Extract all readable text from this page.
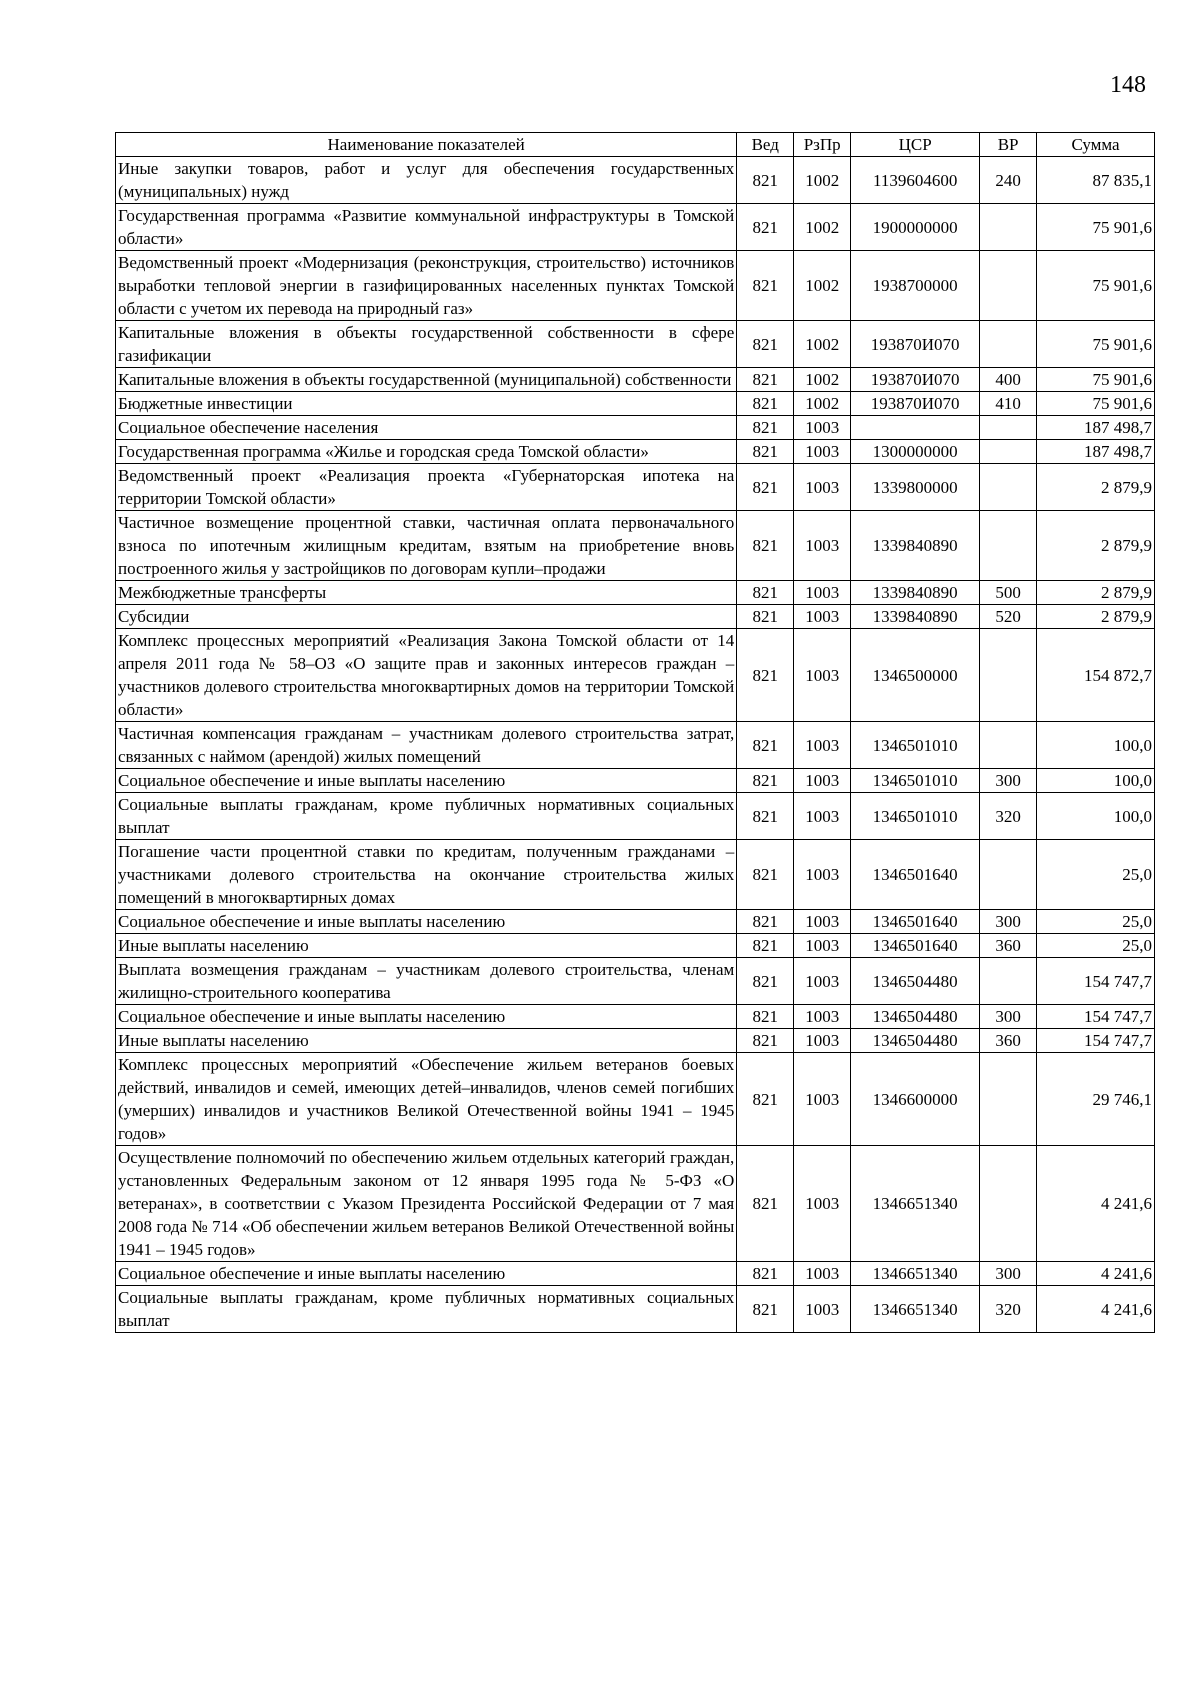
148
Наименование показателей	Вед	РзПр	ЦСР	ВР	Сумма
Иные закупки товаров, работ и услуг для обеспечения государственных (муниципальных) нужд	821	1002	1139604600	240	87 835,1
Государственная программа «Развитие коммунальной инфраструктуры в Томской области»	821	1002	1900000000		75 901,6
Ведомственный проект «Модернизация (реконструкция, строительство) источников выработки тепловой энергии в газифицированных населенных пунктах Томской области с учетом их перевода на природный газ»	821	1002	1938700000		75 901,6
Капитальные вложения в объекты государственной собственности в сфере газификации	821	1002	193870И070		75 901,6
Капитальные вложения в объекты государственной (муниципальной) собственности	821	1002	193870И070	400	75 901,6
Бюджетные инвестиции	821	1002	193870И070	410	75 901,6
Социальное обеспечение населения	821	1003			187 498,7
Государственная программа «Жилье и городская среда Томской области»	821	1003	1300000000		187 498,7
Ведомственный проект «Реализация проекта «Губернаторская ипотека на территории Томской области»	821	1003	1339800000		2 879,9
Частичное возмещение процентной ставки, частичная оплата первоначального взноса по ипотечным жилищным кредитам, взятым на приобретение вновь построенного жилья у застройщиков по договорам купли–продажи	821	1003	1339840890		2 879,9
Межбюджетные трансферты	821	1003	1339840890	500	2 879,9
Субсидии	821	1003	1339840890	520	2 879,9
Комплекс процессных мероприятий «Реализация Закона Томской области от 14 апреля 2011 года № 58–ОЗ «О защите прав и законных интересов граждан – участников долевого строительства многоквартирных домов на территории Томской области»	821	1003	1346500000		154 872,7
Частичная компенсация гражданам – участникам долевого строительства затрат, связанных с наймом (арендой) жилых помещений	821	1003	1346501010		100,0
Социальное обеспечение и иные выплаты населению	821	1003	1346501010	300	100,0
Социальные выплаты гражданам, кроме публичных нормативных социальных выплат	821	1003	1346501010	320	100,0
Погашение части процентной ставки по кредитам, полученным гражданами – участниками долевого строительства на окончание строительства жилых помещений в многоквартирных домах	821	1003	1346501640		25,0
Социальное обеспечение и иные выплаты населению	821	1003	1346501640	300	25,0
Иные выплаты населению	821	1003	1346501640	360	25,0
Выплата возмещения гражданам – участникам долевого строительства, членам жилищно-строительного кооператива	821	1003	1346504480		154 747,7
Социальное обеспечение и иные выплаты населению	821	1003	1346504480	300	154 747,7
Иные выплаты населению	821	1003	1346504480	360	154 747,7
Комплекс процессных мероприятий «Обеспечение жильем ветеранов боевых действий, инвалидов и семей, имеющих детей–инвалидов, членов семей погибших (умерших) инвалидов и участников Великой Отечественной войны 1941 – 1945 годов»	821	1003	1346600000		29 746,1
Осуществление полномочий по обеспечению жильем отдельных категорий граждан, установленных Федеральным законом от 12 января 1995 года № 5-ФЗ «О ветеранах», в соответствии с Указом Президента Российской Федерации от 7 мая 2008 года № 714 «Об обеспечении жильем ветеранов Великой Отечественной войны 1941 – 1945 годов»	821	1003	1346651340		4 241,6
Социальное обеспечение и иные выплаты населению	821	1003	1346651340	300	4 241,6
Социальные выплаты гражданам, кроме публичных нормативных социальных выплат	821	1003	1346651340	320	4 241,6
